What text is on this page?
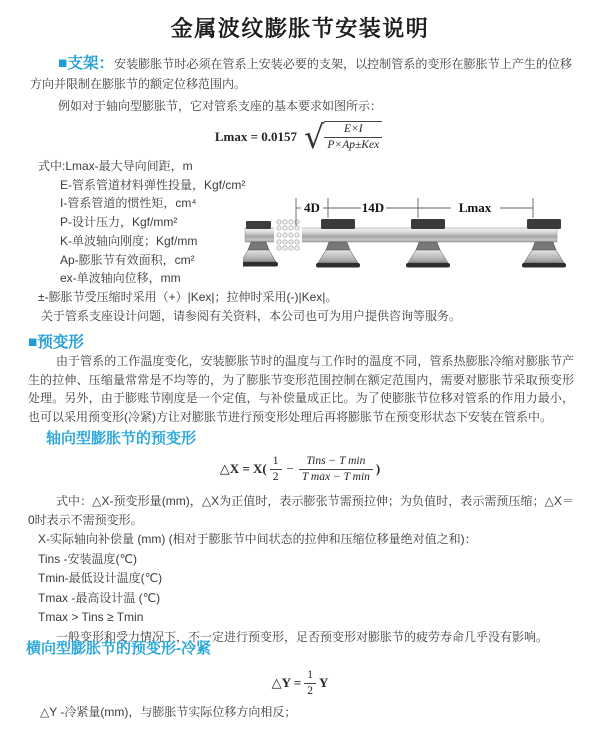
金属波纹膨胀节安装说明
■支架：安装膨胀节时必须在管系上安装必要的支架，以控制管系的变形在膨胀节上产生的位移方向并限制在膨胀节的额定位移范围内。
例如对于轴向型膨胀节，它对管系支座的基本要求如图所示：
Lmax = 0.0157 √ $\frac{E\times I}{\text{P×Ap±Kex}}$
式中:Lmax-最大导向间距，m
E-管系管道材料弹性投量，Kgf/cm²
I-管系管道的惯性矩，cm⁴
P-设计压力，Kgf/mm²
K-单波轴向刚度；Kgf/mm
Ap-膨胀节有效面积，cm²
ex-单波轴向位移，mm
±-膨胀节受压缩时采用（+）|Kex|；拉伸时采用(-)|Kex|。
关于管系支座设计问题，请参阅有关资料，本公司也可为用户提供咨询等服务。
4D	14D	Lmax
■预变形
由于管系的工作温度变化，安装膨胀节时的温度与工作时的温度不同，管系热膨胀冷缩对膨胀节产生的拉伸、压缩量常常是不均等的，为了膨胀节变形范围控制在额定范围内，需要对膨胀节采取预变形处理。另外，由于膨账节刚度是一个定值，与补偿量成正比。为了使膨胀节位移对管系的作用力最小，也可以采用预变形(冷紧)方让对膨胀节进行预变形处理后再将膨胀节在预变形状态下安装在管系中。
轴向型膨胀节的预变形
△X = $X( \frac{1}{2} - \frac{\text{Tins − T min}}{\text{T max − T min}}$ )
式中：△X-预变形量(mm)，△X为正值时，表示膨张节需预拉伸；为负值时，表示需预压缩；△X＝0时表示不需预变形。
X-实际轴向补偿量 (mm) (相对于膨胀节中间状态的拉伸和压缩位移量绝对值之和)：
Tins -安装温度(℃)
Tmin-最低设计温度(℃)
Tmax -最高设计温 (℃)
Tmax > Tins ≥ Tmin
一般变形和受力情况下，不一定进行预变形，足否预变形对膨胀节的疲劳寿命几乎没有影响。
横向型膨胀节的预变形-冷紧
△Y = $\frac{1}{2}$ Y
△Y -冷紧量(mm)，与膨胀节实际位移方向相反；
